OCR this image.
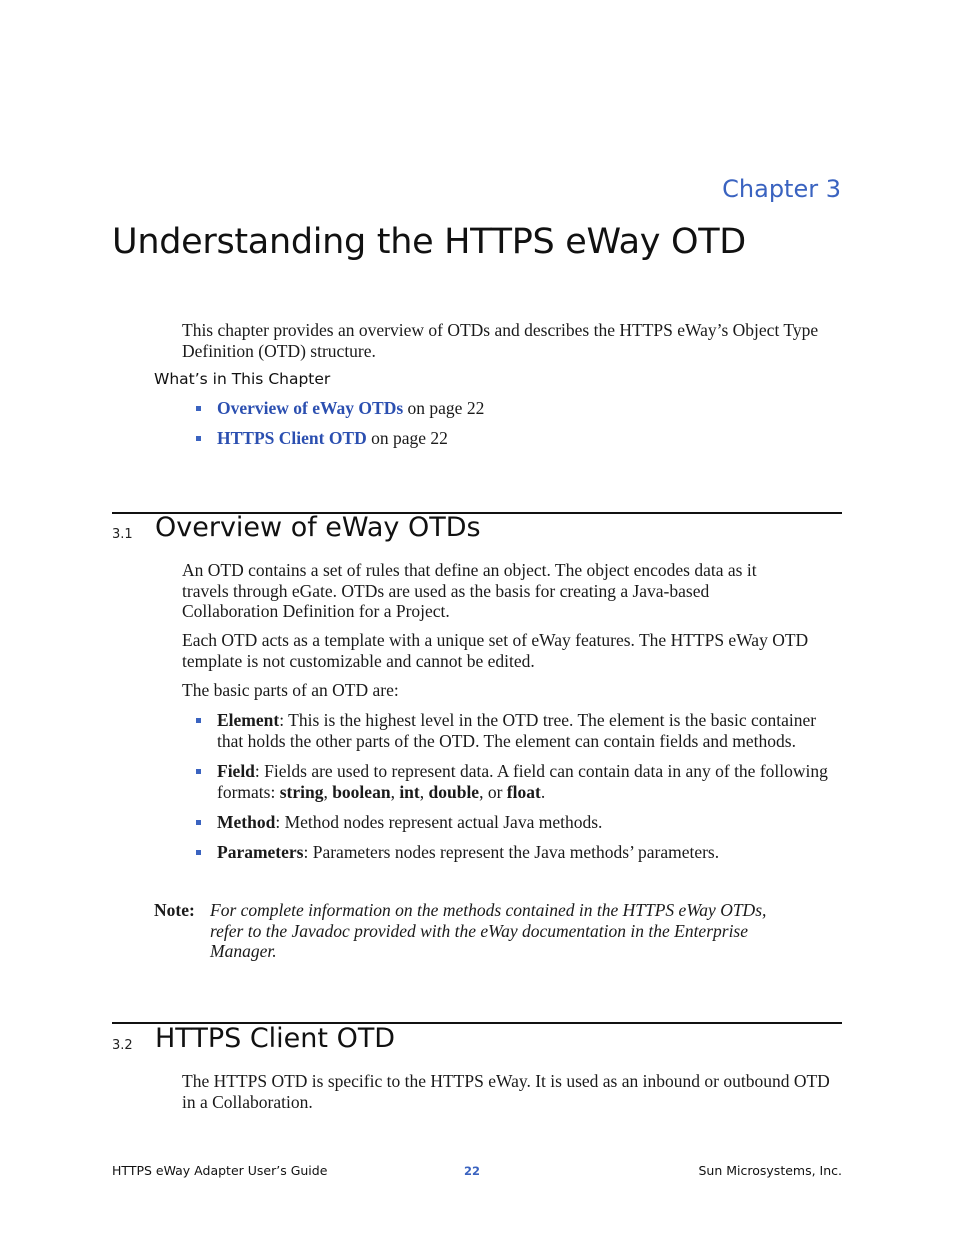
Chapter 3
Understanding the HTTPS eWay OTD

This chapter provides an overview of OTDs and describes the HTTPS eWay’s Object Type Definition (OTD) structure.

What’s in This Chapter
Overview of eWay OTDs on page 22
HTTPS Client OTD on page 22
3.1 Overview of eWay OTDs

An OTD contains a set of rules that define an object. The object encodes data as it travels through eGate. OTDs are used as the basis for creating a Java-based Collaboration Definition for a Project.

Each OTD acts as a template with a unique set of eWay features. The HTTPS eWay OTD template is not customizable and cannot be edited.

The basic parts of an OTD are:

Element: This is the highest level in the OTD tree. The element is the basic container that holds the other parts of the OTD. The element can contain fields and methods.
Field: Fields are used to represent data. A field can contain data in any of the following formats: string, boolean, int, double, or float.
Method: Method nodes represent actual Java methods.
Parameters: Parameters nodes represent the Java methods’ parameters.
Note: For complete information on the methods contained in the HTTPS eWay OTDs, refer to the Javadoc provided with the eWay documentation in the Enterprise Manager.
3.2 HTTPS Client OTD

The HTTPS OTD is specific to the HTTPS eWay. It is used as an inbound or outbound OTD in a Collaboration.

HTTPS eWay Adapter User’s Guide	22	Sun Microsystems, Inc.
